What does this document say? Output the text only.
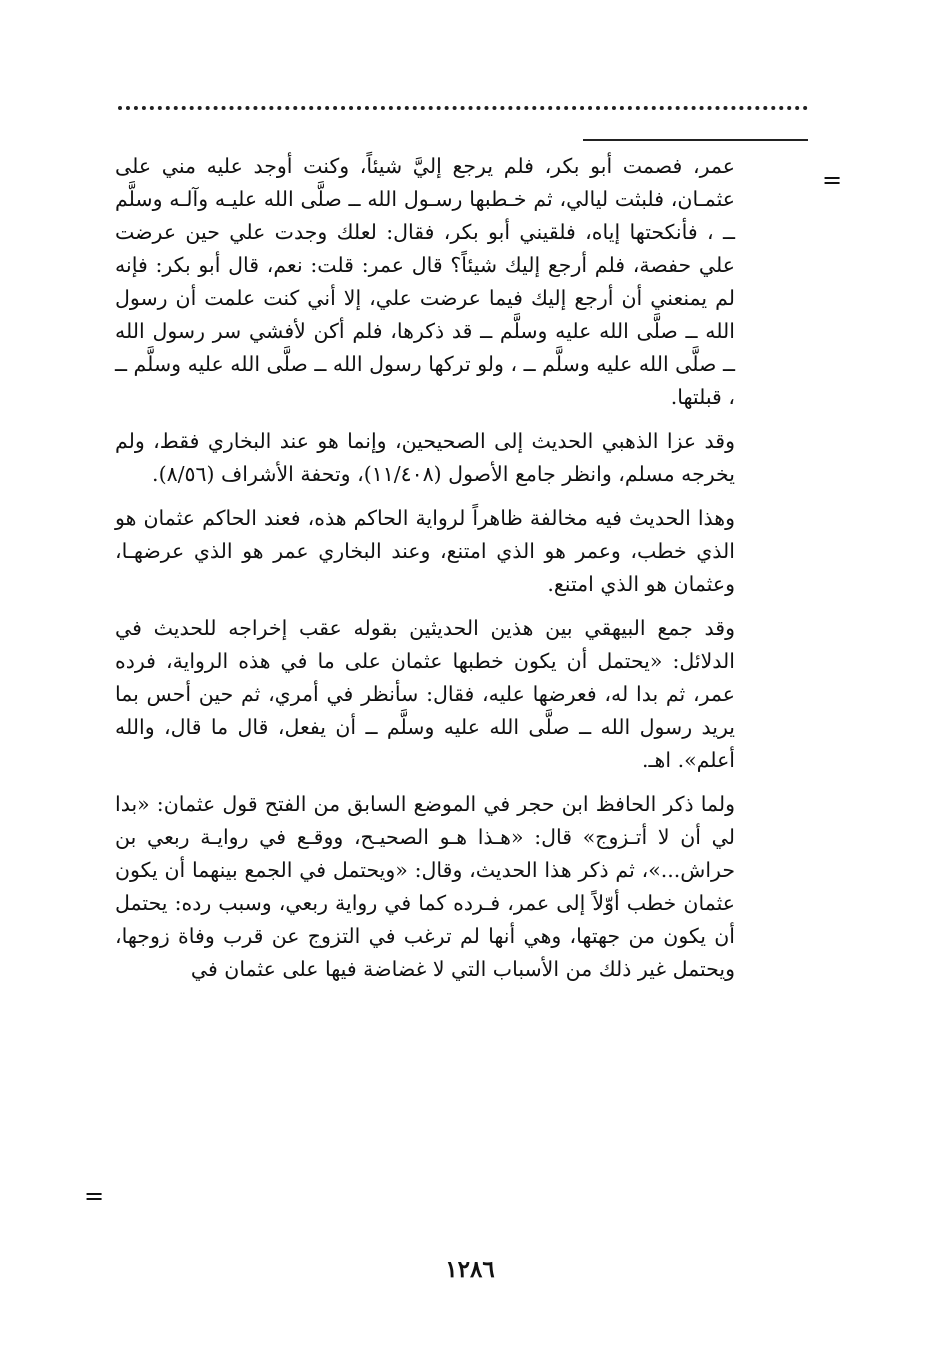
=

عمر، فصمت أبو بكر، فلم يرجع إليَّ شيئاً، وكنت أوجد عليه مني على عثمـان، فلبثت ليالي، ثم خـطبها رسـول الله ــ صلَّى الله عليـه وآلـه وسلَّم ــ ، فأنكحتها إياه، فلقيني أبو بكر، فقال: لعلك وجدت علي حين عرضت علي حفصة، فلم أرجع إليك شيئاً؟ قال عمر: قلت: نعم، قال أبو بكر: فإنه لم يمنعني أن أرجع إليك فيما عرضت علي، إلا أني كنت علمت أن رسول الله ــ صلَّى الله عليه وسلَّم ــ قد ذكرها، فلم أكن لأفشي سر رسول الله ــ صلَّى الله عليه وسلَّم ــ ، ولو تركها رسول الله ــ صلَّى الله عليه وسلَّم ــ ، قبلتها.

وقد عزا الذهبي الحديث إلى الصحيحين، وإنما هو عند البخاري فقط، ولم يخرجه مسلم، وانظر جامع الأصول (١١/٤٠٨)، وتحفة الأشراف (٨/٥٦).

وهذا الحديث فيه مخالفة ظاهراً لرواية الحاكم هذه، فعند الحاكم عثمان هو الذي خطب، وعمر هو الذي امتنع، وعند البخاري عمر هو الذي عرضهـا، وعثمان هو الذي امتنع.

وقد جمع البيهقي بين هذين الحديثين بقوله عقب إخراجه للحديث في الدلائل: «يحتمل أن يكون خطبها عثمان على ما في هذه الرواية، فرده عمر، ثم بدا له، فعرضها عليه، فقال: سأنظر في أمري، ثم حين أحس بما يريد رسول الله ــ صلَّى الله عليه وسلَّم ــ أن يفعل، قال ما قال، والله أعلم». اهـ.

ولما ذكر الحافظ ابن حجر في الموضع السابق من الفتح قول عثمان: «بدا لي أن لا أتـزوج» قال: «هـذا هـو الصحيـح، ووقـع في روايـة ربعي بن حراش...»، ثم ذكر هذا الحديث، وقال: «ويحتمل في الجمع بينهما أن يكون عثمان خطب أوّلاً إلى عمر، فـرده كما في رواية ربعي، وسبب رده: يحتمل أن يكون من جهتها، وهي أنها لم ترغب في التزوج عن قرب وفاة زوجها، ويحتمل غير ذلك من الأسباب التي لا غضاضة فيها على عثمان في

=
١٢٨٦
